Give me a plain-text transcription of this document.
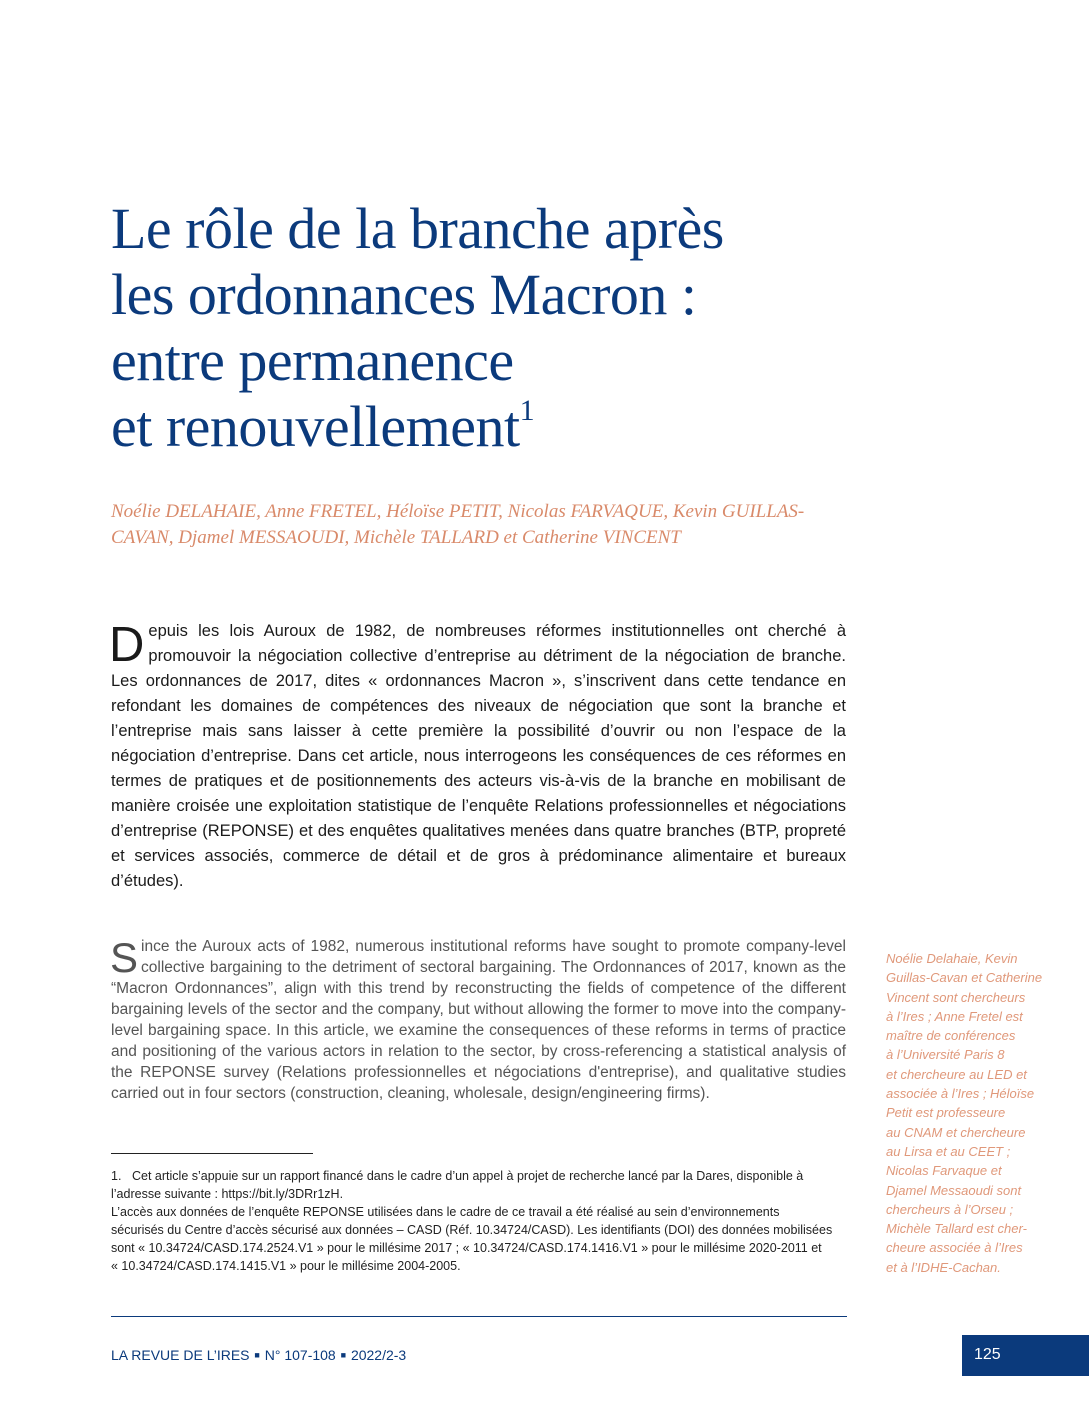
Le rôle de la branche après
les ordonnances Macron :
entre permanence
et renouvellement$^1$

Noélie DELAHAIE, Anne FRETEL, Héloïse PETIT, Nicolas FARVAQUE, Kevin GUILLAS-
CAVAN, Djamel MESSAOUDI, Michèle TALLARD et Catherine VINCENT

Depuis les lois Auroux de 1982, de nombreuses réformes institutionnelles ont cherché à promouvoir la négociation collective d’entreprise au détriment de la négociation de branche. Les ordonnances de 2017, dites « ordonnances Macron », s’inscrivent dans cette tendance en refondant les domaines de compétences des niveaux de négociation que sont la branche et l’entreprise mais sans laisser à cette première la possibilité d’ouvrir ou non l’espace de la négociation d’entreprise. Dans cet article, nous interrogeons les conséquences de ces réformes en termes de pratiques et de positionnements des acteurs vis-à-vis de la branche en mobilisant de manière croisée une exploitation statistique de l’enquête Relations professionnelles et négociations d’entreprise (REPONSE) et des enquêtes qualitatives menées dans quatre branches (BTP, propreté et services associés, commerce de détail et de gros à prédominance alimentaire et bureaux d’études).

Since the Auroux acts of 1982, numerous institutional reforms have sought to promote company-level collective bargaining to the detriment of sectoral bargaining. The Ordonnances of 2017, known as the “Macron Ordonnances”, align with this trend by reconstructing the fields of competence of the different bargaining levels of the sector and the company, but without allowing the former to move into the company-level bargaining space. In this article, we examine the consequences of these reforms in terms of practice and positioning of the various actors in relation to the sector, by cross-referencing a statistical analysis of the REPONSE survey (Relations professionnelles et négociations d'entreprise), and qualitative studies carried out in four sectors (construction, cleaning, wholesale, design/engineering firms).

1. Cet article s’appuie sur un rapport financé dans le cadre d’un appel à projet de recherche lancé par la Dares, disponible à
l’adresse suivante : https://bit.ly/3DRr1zH.

L’accès aux données de l’enquête REPONSE utilisées dans le cadre de ce travail a été réalisé au sein d’environnements
sécurisés du Centre d’accès sécurisé aux données – CASD (Réf. 10.34724/CASD). Les identifiants (DOI) des données mobilisées
sont « 10.34724/CASD.174.2524.V1 » pour le millésime 2017 ; « 10.34724/CASD.174.1416.V1 » pour le millésime 2020-2011 et
« 10.34724/CASD.174.1415.V1 » pour le millésime 2004-2005.

Noélie Delahaie, Kevin
Guillas-Cavan et Catherine
Vincent sont chercheurs
à l’Ires ; Anne Fretel est
maître de conférences
à l’Université Paris 8
et chercheure au LED et
associée à l’Ires ; Héloïse
Petit est professeure
au CNAM et chercheure
au Lirsa et au CEET ;
Nicolas Farvaque et
Djamel Messaoudi sont
chercheurs à l’Orseu ;
Michèle Tallard est cher-
cheure associée à l’Ires
et à l’IDHE-Cachan.

LA REVUE DE L’IRES ■ N° 107-108 ■ 2022/2-3	125
